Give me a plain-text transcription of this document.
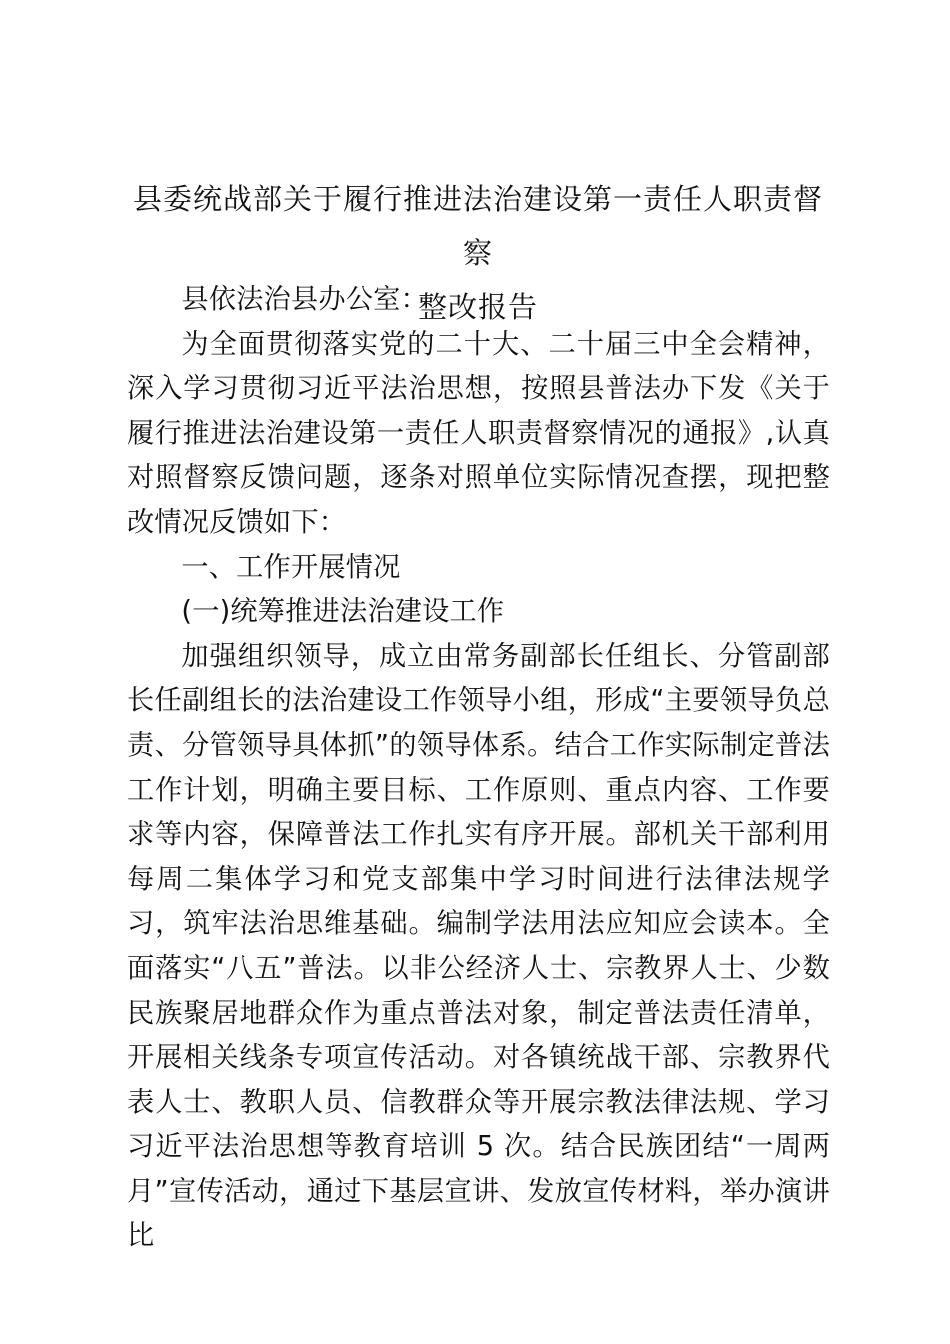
县委统战部关于履行推进法治建设第一责任人职责督察
整改报告

县依法治县办公室：

为全面贯彻落实党的二十大、二十届三中全会精神，深入学习贯彻习近平法治思想，按照县普法办下发《关于履行推进法治建设第一责任人职责督察情况的通报》,认真对照督察反馈问题，逐条对照单位实际情况查摆，现把整改情况反馈如下：

一、工作开展情况

(一)统筹推进法治建设工作

加强组织领导，成立由常务副部长任组长、分管副部长任副组长的法治建设工作领导小组，形成“主要领导负总责、分管领导具体抓”的领导体系。结合工作实际制定普法工作计划，明确主要目标、工作原则、重点内容、工作要求等内容，保障普法工作扎实有序开展。部机关干部利用每周二集体学习和党支部集中学习时间进行法律法规学习，筑牢法治思维基础。编制学法用法应知应会读本。全面落实“八五”普法。以非公经济人士、宗教界人士、少数民族聚居地群众作为重点普法对象，制定普法责任清单，开展相关线条专项宣传活动。对各镇统战干部、宗教界代表人士、教职人员、信教群众等开展宗教法律法规、学习习近平法治思想等教育培训 5 次。结合民族团结“一周两月”宣传活动，通过下基层宣讲、发放宣传材料，举办演讲比
